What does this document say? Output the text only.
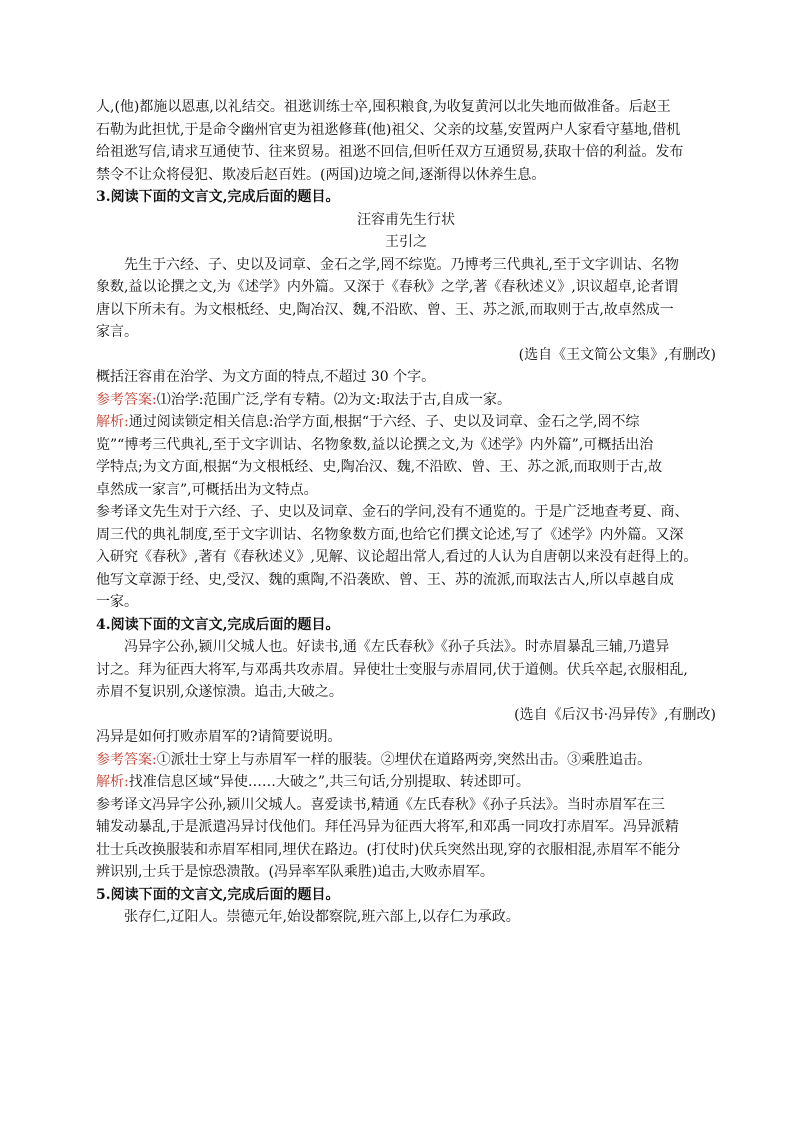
人,(他)都施以恩惠,以礼结交。祖逖训练士卒,囤积粮食,为收复黄河以北失地而做准备。后赵王
石勒为此担忧,于是命令幽州官吏为祖逖修葺(他)祖父、父亲的坟墓,安置两户人家看守墓地,借机
给祖逖写信,请求互通使节、往来贸易。祖逖不回信,但听任双方互通贸易,获取十倍的利益。发布
禁令不让众将侵犯、欺凌后赵百姓。(两国)边境之间,逐渐得以休养生息。
3.阅读下面的文言文,完成后面的题目。
汪容甫先生行状
王引之
先生于六经、子、史以及词章、金石之学,罔不综览。乃博考三代典礼,至于文字训诂、名物
象数,益以论撰之文,为《述学》内外篇。又深于《春秋》之学,著《春秋述义》,识议超卓,论者谓
唐以下所未有。为文根柢经、史,陶冶汉、魏,不沿欧、曾、王、苏之派,而取则于古,故卓然成一
家言。
(选自《王文简公文集》,有删改)
概括汪容甫在治学、为文方面的特点,不超过 30 个字。
参考答案:⑴治学:范围广泛,学有专精。⑵为文:取法于古,自成一家。
解析:通过阅读锁定相关信息:治学方面,根据“于六经、子、史以及词章、金石之学,罔不综
览”“博考三代典礼,至于文字训诂、名物象数,益以论撰之文,为《述学》内外篇”,可概括出治
学特点;为文方面,根据“为文根柢经、史,陶冶汉、魏,不沿欧、曾、王、苏之派,而取则于古,故
卓然成一家言”,可概括出为文特点。
参考译文先生对于六经、子、史以及词章、金石的学问,没有不通览的。于是广泛地查考夏、商、
周三代的典礼制度,至于文字训诂、名物象数方面,也给它们撰文论述,写了《述学》内外篇。又深
入研究《春秋》,著有《春秋述义》,见解、议论超出常人,看过的人认为自唐朝以来没有赶得上的。
他写文章源于经、史,受汉、魏的熏陶,不沿袭欧、曾、王、苏的流派,而取法古人,所以卓越自成
一家。
4.阅读下面的文言文,完成后面的题目。
冯异字公孙,颍川父城人也。好读书,通《左氏春秋》《孙子兵法》。时赤眉暴乱三辅,乃遣异
讨之。拜为征西大将军,与邓禹共攻赤眉。异使壮士变服与赤眉同,伏于道侧。伏兵卒起,衣服相乱,
赤眉不复识别,众遂惊溃。追击,大破之。
(选自《后汉书·冯异传》,有删改)
冯异是如何打败赤眉军的?请简要说明。
参考答案:①派壮士穿上与赤眉军一样的服装。②埋伏在道路两旁,突然出击。③乘胜追击。
解析:找准信息区域“异使……大破之”,共三句话,分别提取、转述即可。
参考译文冯异字公孙,颍川父城人。喜爱读书,精通《左氏春秋》《孙子兵法》。当时赤眉军在三
辅发动暴乱,于是派遣冯异讨伐他们。拜任冯异为征西大将军,和邓禹一同攻打赤眉军。冯异派精
壮士兵改换服装和赤眉军相同,埋伏在路边。(打仗时)伏兵突然出现,穿的衣服相混,赤眉军不能分
辨识别,士兵于是惊恐溃散。(冯异率军队乘胜)追击,大败赤眉军。
5.阅读下面的文言文,完成后面的题目。
张存仁,辽阳人。崇德元年,始设都察院,班六部上,以存仁为承政。
